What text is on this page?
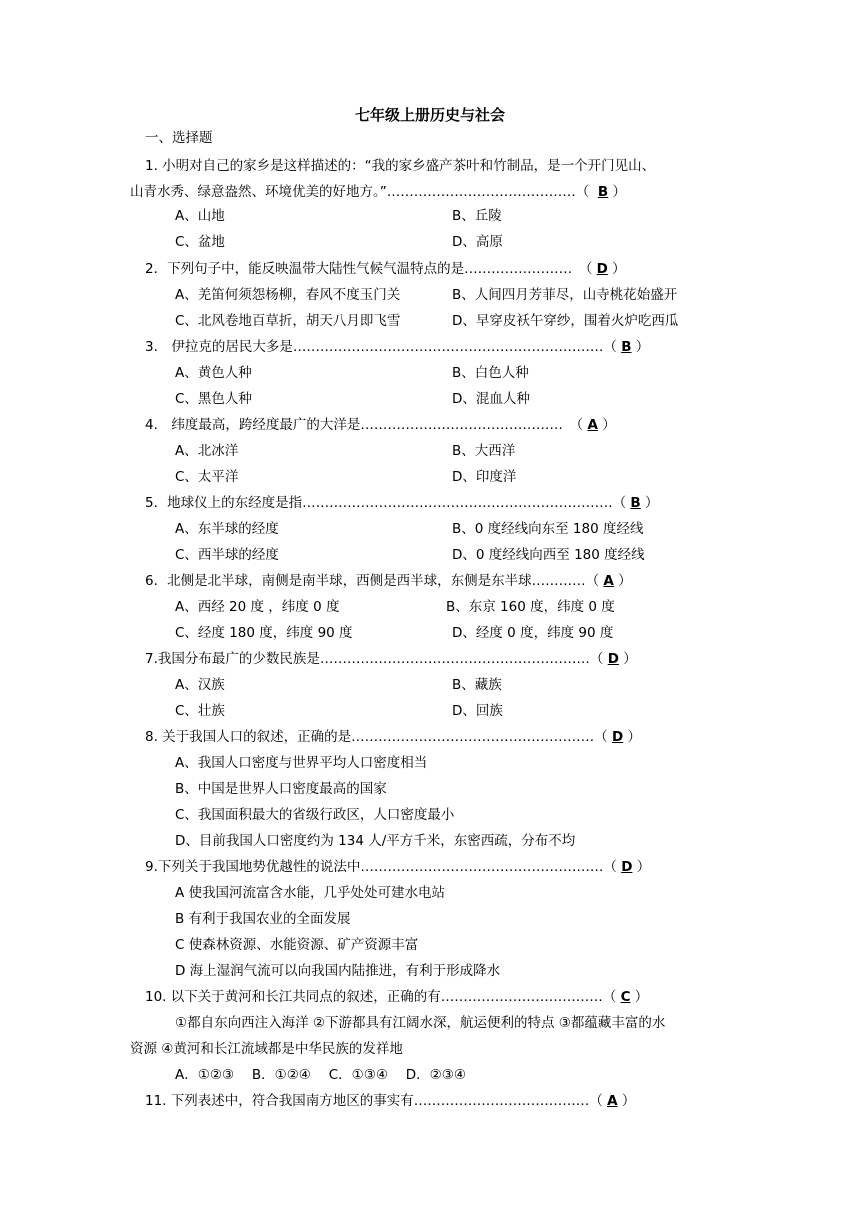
七年级上册历史与社会
一、选择题
1. 小明对自己的家乡是这样描述的：“我的家乡盛产茶叶和竹制品，是一个开门见山、
山青水秀、绿意盎然、环境优美的好地方。”……………………………………（ B ）
A、山地	B、丘陵
C、盆地	D、高原
2．下列句子中，能反映温带大陆性气候气温特点的是……………………　（ D ）
A、羌笛何须怨杨柳，春风不度玉门关	B、人间四月芳菲尽，山寺桃花始盛开
C、北风卷地百草折，胡天八月即飞雪	D、早穿皮袄午穿纱，围着火炉吃西瓜
3.　伊拉克的居民大多是……………………………………………………………（ B ）
A、黄色人种	B、白色人种
C、黑色人种	D、混血人种
4.　纬度最高，跨经度最广的大洋是………………………………………　（ A ）
A、北冰洋	B、大西洋
C、太平洋	D、印度洋
5．地球仪上的东经度是指……………………………………………………………（ B ）
A、东半球的经度	B、0 度经线向东至 180 度经线
C、西半球的经度	D、0 度经线向西至 180 度经线
6．北侧是北半球，南侧是南半球，西侧是西半球，东侧是东半球…………（ A ）
A、西经 20 度 ，纬度 0 度	B、东京 160 度，纬度 0 度
C、经度 180 度，纬度 90 度	D、经度 0 度，纬度 90 度
7.我国分布最广的少数民族是……………………………………………………（ D ）
A、汉族	B、藏族
C、壮族	D、回族
8. 关于我国人口的叙述，正确的是………………………………………………（ D ）
A、我国人口密度与世界平均人口密度相当
B、中国是世界人口密度最高的国家
C、我国面积最大的省级行政区，人口密度最小
D、目前我国人口密度约为 134 人/平方千米，东密西疏，分布不均
9.下列关于我国地势优越性的说法中………………………………………………（ D ）
A 使我国河流富含水能，几乎处处可建水电站
B 有利于我国农业的全面发展
C 使森林资源、水能资源、矿产资源丰富
D 海上湿润气流可以向我国内陆推进，有利于形成降水
10. 以下关于黄河和长江共同点的叙述，正确的有………………………………（ C ）
①都自东向西注入海洋 ②下游都具有江阔水深，航运便利的特点 ③都蕴藏丰富的水
资源 ④黄河和长江流域都是中华民族的发祥地
A．①②③　 B．①②④　 C．①③④　 D．②③④
11. 下列表述中，符合我国南方地区的事实有…………………………………（ A ）
